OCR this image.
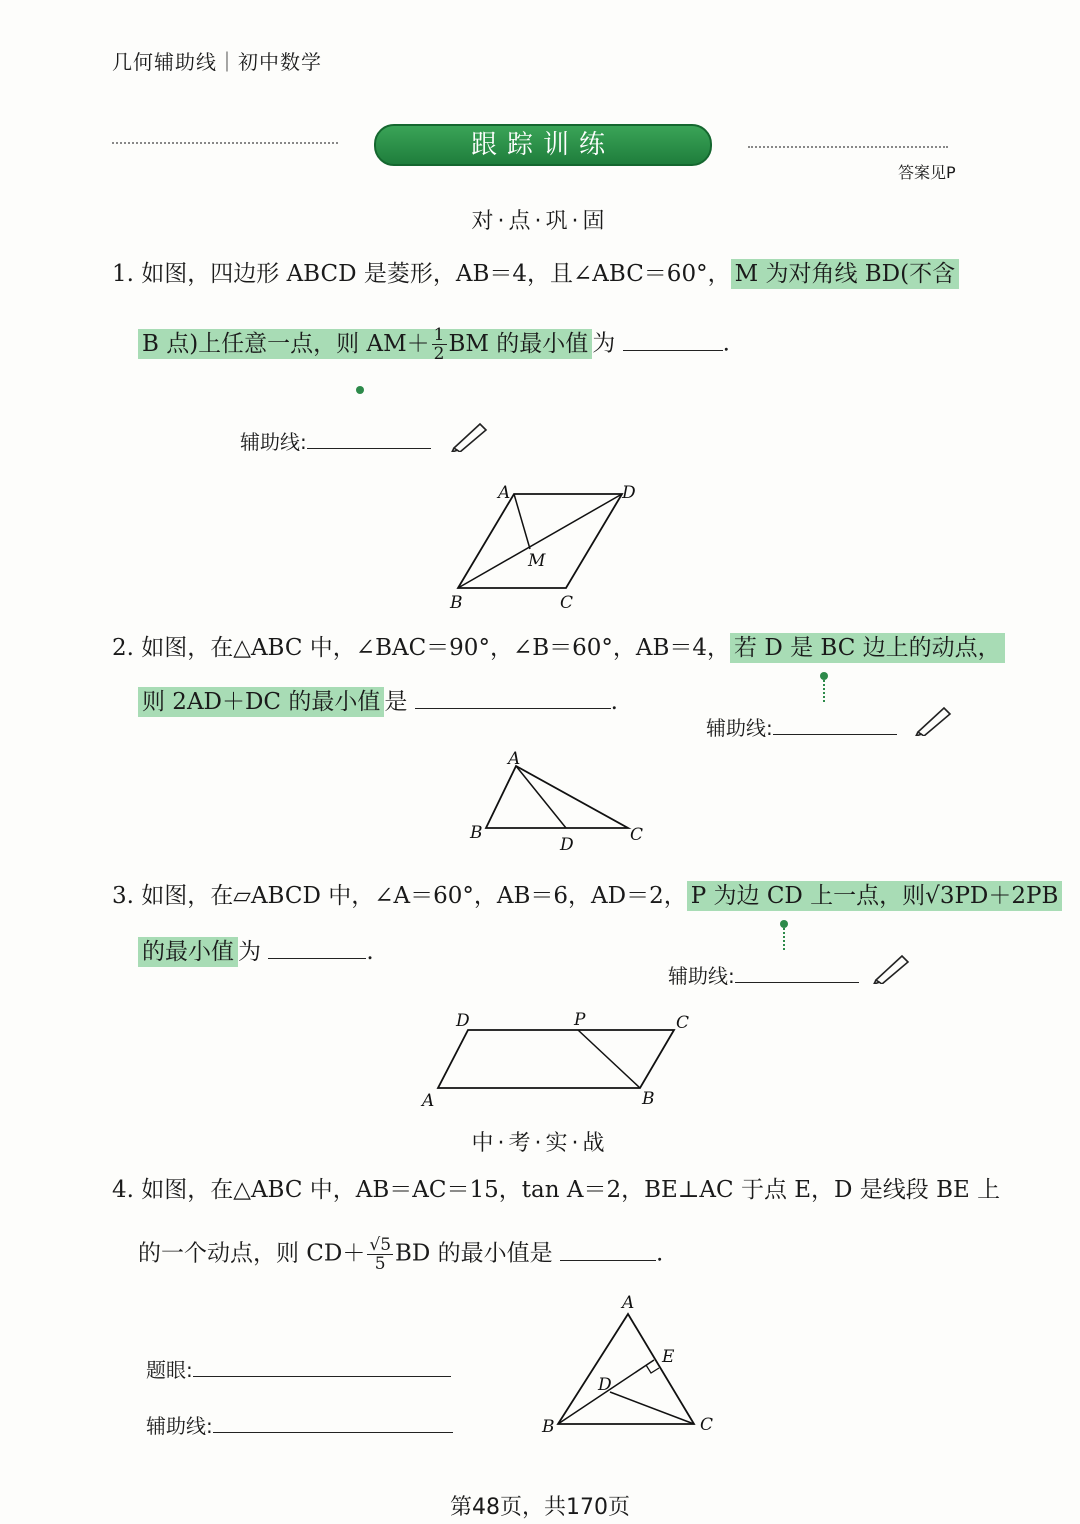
几何辅助线｜初中数学
跟踪训练
答案见P
对·点·巩·固
1. 如图，四边形 ABCD 是菱形，AB＝4，且∠ABC＝60°， M 为对角线 BD(不含
B 点)上任意一点，则 $AM+ \frac{1}{2}$ BM 的最小值 为	.
辅助线:
A	D
B	C
M
2. 如图，在△ABC 中，∠BAC＝90°，∠B＝60°，AB＝4， 若 D 是 BC 边上的动点，
则 2AD＋DC 的最小值 是	.
辅助线:
A
B	C
D
3. 如图，在▱ABCD 中，∠A＝60°，AB＝6，AD＝2， P 为边 CD 上一点，则√3PD＋2PB
的最小值 为	.
辅助线:
D	P	C
A	B
中·考·实·战
4. 如图，在△ABC 中，AB＝AC＝15，tan A＝2，BE⊥AC 于点 E，D 是线段 BE 上
的一个动点，则 $CD+ \frac{√5}{5}$ BD 的最小值是	.
题眼:
辅助线:
A
E
D
B	C
第48页，共170页
